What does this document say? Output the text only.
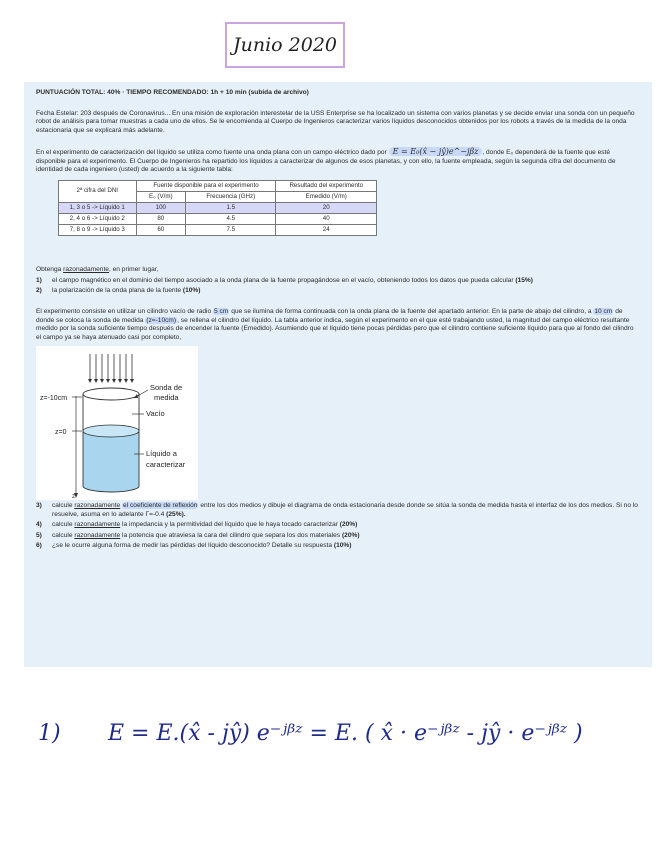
Junio 2020

PUNTUACIÓN TOTAL: 40% · TIEMPO RECOMENDADO: 1h + 10 min (subida de archivo)

Fecha Estelar: 203 después de Coronavirus... En una misión de exploración interestelar de la USS Enterprise se ha localizado un sistema con varios planetas y se decide enviar una sonda con un pequeño robot de análisis para tomar muestras a cada uno de ellos. Se le encomienda al Cuerpo de Ingenieros caracterizar varios líquidos desconocidos obtenidos por los robots a través de la medida de la onda estacionaria que se explicará más adelante.

En el experimento de caracterización del líquido se utiliza como fuente una onda plana con un campo eléctrico dado por E = E₀(x̂ − jŷ)e^−jβz , donde E₀ dependerá de la fuente que esté disponible para el experimento. El Cuerpo de Ingenieros ha repartido los líquidos a caracterizar de algunos de esos planetas, y con ello, la fuente empleada, según la segunda cifra del documento de identidad de cada ingeniero (usted) de acuerdo a la siguiente tabla:

2ª cifra del DNI	Fuente disponible para el experimento		Resultado del experimento
	E₀ (V/m)	Frecuencia (GHz)	Emedido (V/m)
1, 3 o 5 -> Líquido 1	100	1.5	20
2, 4 o 6 -> Líquido 2	80	4.5	40
7, 8 o 9 -> Líquido 3	60	7.5	24

Obtenga razonadamente, en primer lugar,

1) el campo magnético en el dominio del tiempo asociado a la onda plana de la fuente propagándose en el vacío, obteniendo todos los datos que pueda calcular (15%)
2) la polarización de la onda plana de la fuente (10%)

El experimento consiste en utilizar un cilindro vacío de radio 5 cm que se ilumina de forma continuada con la onda plana de la fuente del apartado anterior. En la parte de abajo del cilindro, a 10 cm de donde se coloca la sonda de medida (z=-10cm), se rellena el cilindro del líquido. La tabla anterior indica, según el experimento en el que esté trabajando usted, la magnitud del campo eléctrico resultante medido por la sonda suficiente tiempo después de encender la fuente (Emedido). Asumiendo que el líquido tiene pocas pérdidas pero que el cilindro contiene suficiente líquido para que al fondo del cilindro el campo ya se haya atenuado casi por completo,

z=-10cm
z=0
z
Sonda de
medida
Vacío
Líquido a
caracterizar
3) calcule razonadamente el coeficiente de reflexión entre los dos medios y dibuje el diagrama de onda estacionaria desde donde se sitúa la sonda de medida hasta el interfaz de los dos medios. Si no lo resuelve, asuma en lo adelante Γ=-0.4 (25%).
4) calcule razonadamente la impedancia y la permitividad del líquido que le haya tocado caracterizar (20%)
5) calcule razonadamente la potencia que atraviesa la cara del cilindro que separa los dos materiales (20%)
6) ¿se le ocurre alguna forma de medir las pérdidas del líquido desconocido? Detalle su respuesta (10%)
1)	E = E.(x̂ - jŷ) e⁻ʲᵝᶻ = E. ( x̂ · e⁻ʲᵝᶻ - jŷ · e⁻ʲᵝᶻ )
